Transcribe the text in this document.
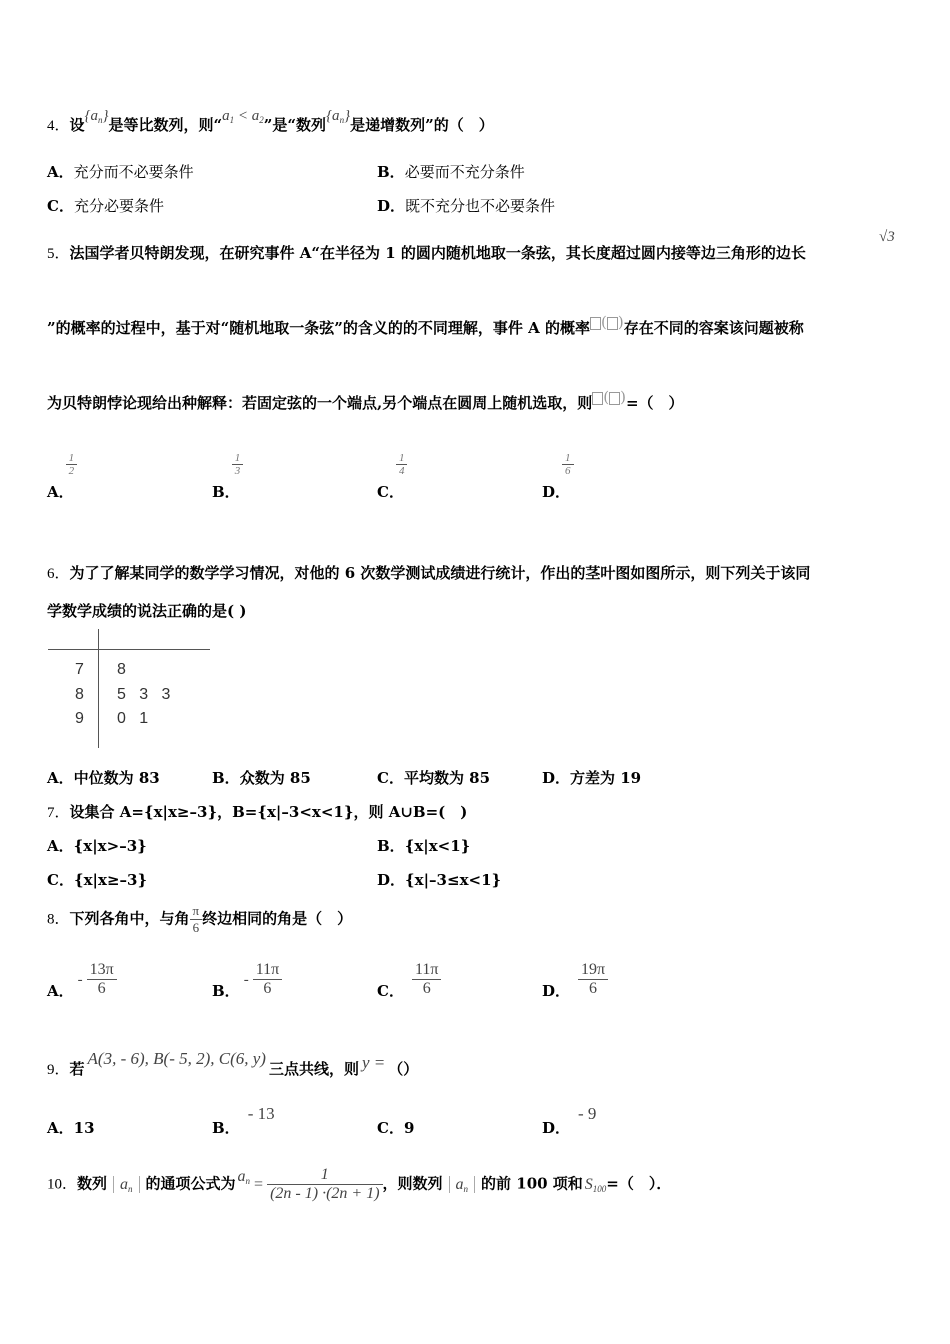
4．设$\{a_n\}$是等比数列，则“$a_1 < a_2$”是“数列$\{a_n\}$是递增数列”的（　）
A．充分而不必要条件	B．必要而不充分条件
C．充分必要条件	D．既不充分也不必要条件
5．法国学者贝特朗发现，在研究事件 A“在半径为 1 的圆内随机地取一条弦，其长度超过圆内接等边三角形的边长
√3
”的概率的过程中，基于对“随机地取一条弦”的含义的的不同理解，事件 A 的概率 ( )存在不同的容案该问题被称
为贝特朗悖论现给出种解释：若固定弦的一个端点,另个端点在圆周上随机选取，则 ( )=（　）
A．
$\frac{1}{2}$
B．
$\frac{1}{3}$
C．
$\frac{1}{4}$
D．
$\frac{1}{6}$
6．为了了解某同学的数学学习情况，对他的 6 次数学测试成绩进行统计，作出的茎叶图如图所示，则下列关于该同
学数学成绩的说法正确的是( )
7 8
8 5   3   3
9 0   1
A．中位数为 83	B．众数为 85	C．平均数为 85	D．方差为 19
7．设集合 A={x|x≥–3}，B={x|–3<x<1}，则 A∪B=(　)
A．{x|x>–3}	B．{x|x<1}
C．{x|x≥–3}	D．{x|–3≤x<1}
8．下列各角中，与角 $\frac{\pi}{6}$ 终边相同的角是（　）
A．- $\frac{13\pi}{6}$	B．- $\frac{11\pi}{6}$	C． $\frac{11\pi}{6}$	D． $\frac{19\pi}{6}$
9．若A(3, - 6), B(- 5, 2), C(6, y)三点共线，则 y = （）
A．13	B．- 13
C．9	D．- 9
10．数列 $a_n$ 的通项公式为 $a_n = \frac{1}{(2n - 1) \cdot(2n + 1)}$ ，则数列 $a_n$ 的前 100 项和 $S_{100}=$（　）．
